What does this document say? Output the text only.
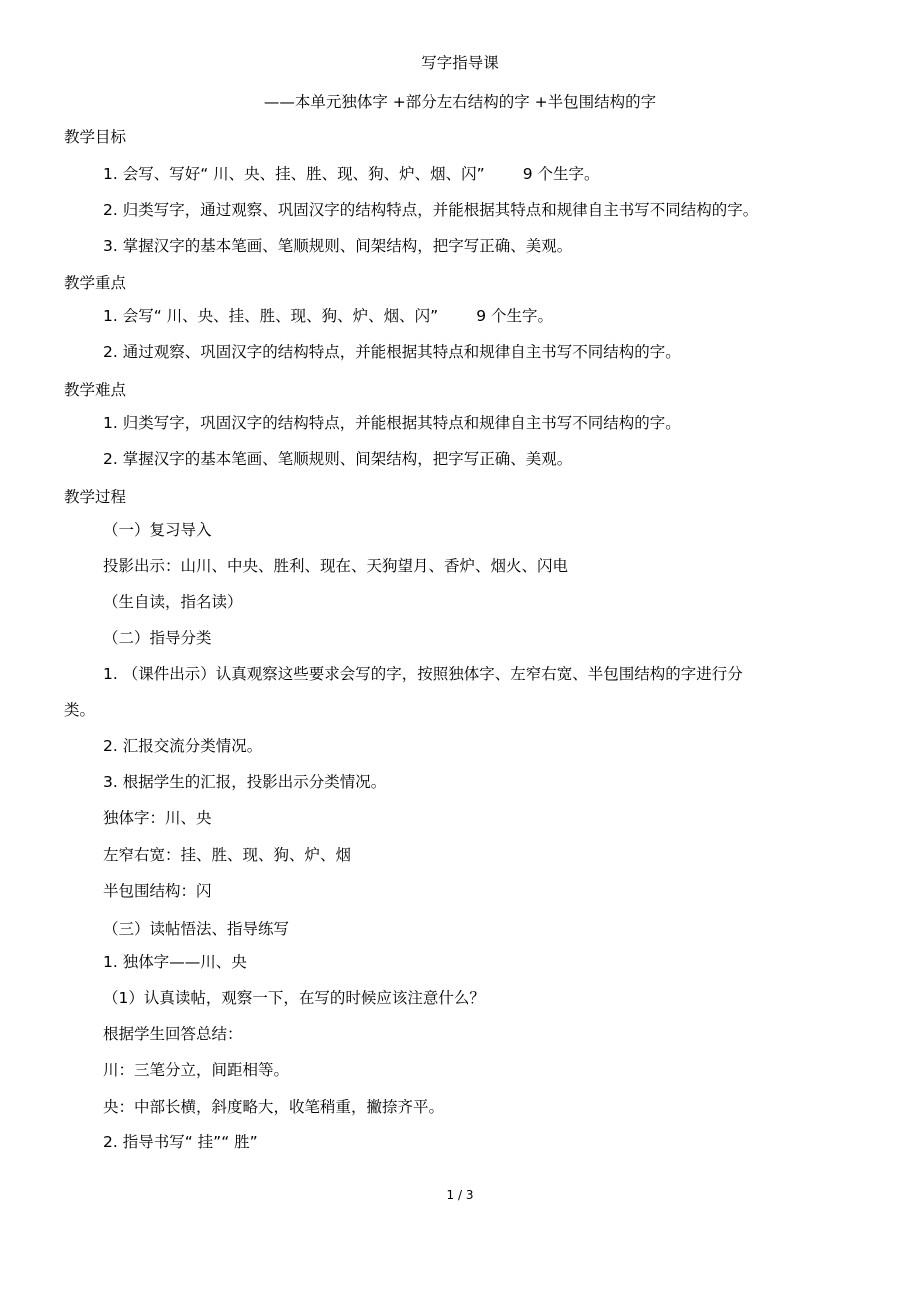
写字指导课
——本单元独体字 +部分左右结构的字 +半包围结构的字
教学目标
1. 会写、写好“ 川、央、挂、胜、现、狗、炉、烟、闪” 9 个生字。
2. 归类写字，通过观察、巩固汉字的结构特点，并能根据其特点和规律自主书写不同结构的字。
3. 掌握汉字的基本笔画、笔顺规则、间架结构，把字写正确、美观。
教学重点
1. 会写“ 川、央、挂、胜、现、狗、炉、烟、闪” 9 个生字。
2. 通过观察、巩固汉字的结构特点，并能根据其特点和规律自主书写不同结构的字。
教学难点
1. 归类写字，巩固汉字的结构特点，并能根据其特点和规律自主书写不同结构的字。
2. 掌握汉字的基本笔画、笔顺规则、间架结构，把字写正确、美观。
教学过程
（一）复习导入
投影出示：山川、中央、胜利、现在、天狗望月、香炉、烟火、闪电
（生自读，指名读）
（二）指导分类
1. （课件出示）认真观察这些要求会写的字，按照独体字、左窄右宽、半包围结构的字进行分
类。
2. 汇报交流分类情况。
3. 根据学生的汇报，投影出示分类情况。
独体字：川、央
左窄右宽：挂、胜、现、狗、炉、烟
半包围结构：闪
（三）读帖悟法、指导练写
1. 独体字——川、央
（1）认真读帖，观察一下，在写的时候应该注意什么？
根据学生回答总结：
川：三笔分立，间距相等。
央：中部长横，斜度略大，收笔稍重，撇捺齐平。
2. 指导书写“ 挂”“ 胜”
1 / 3
